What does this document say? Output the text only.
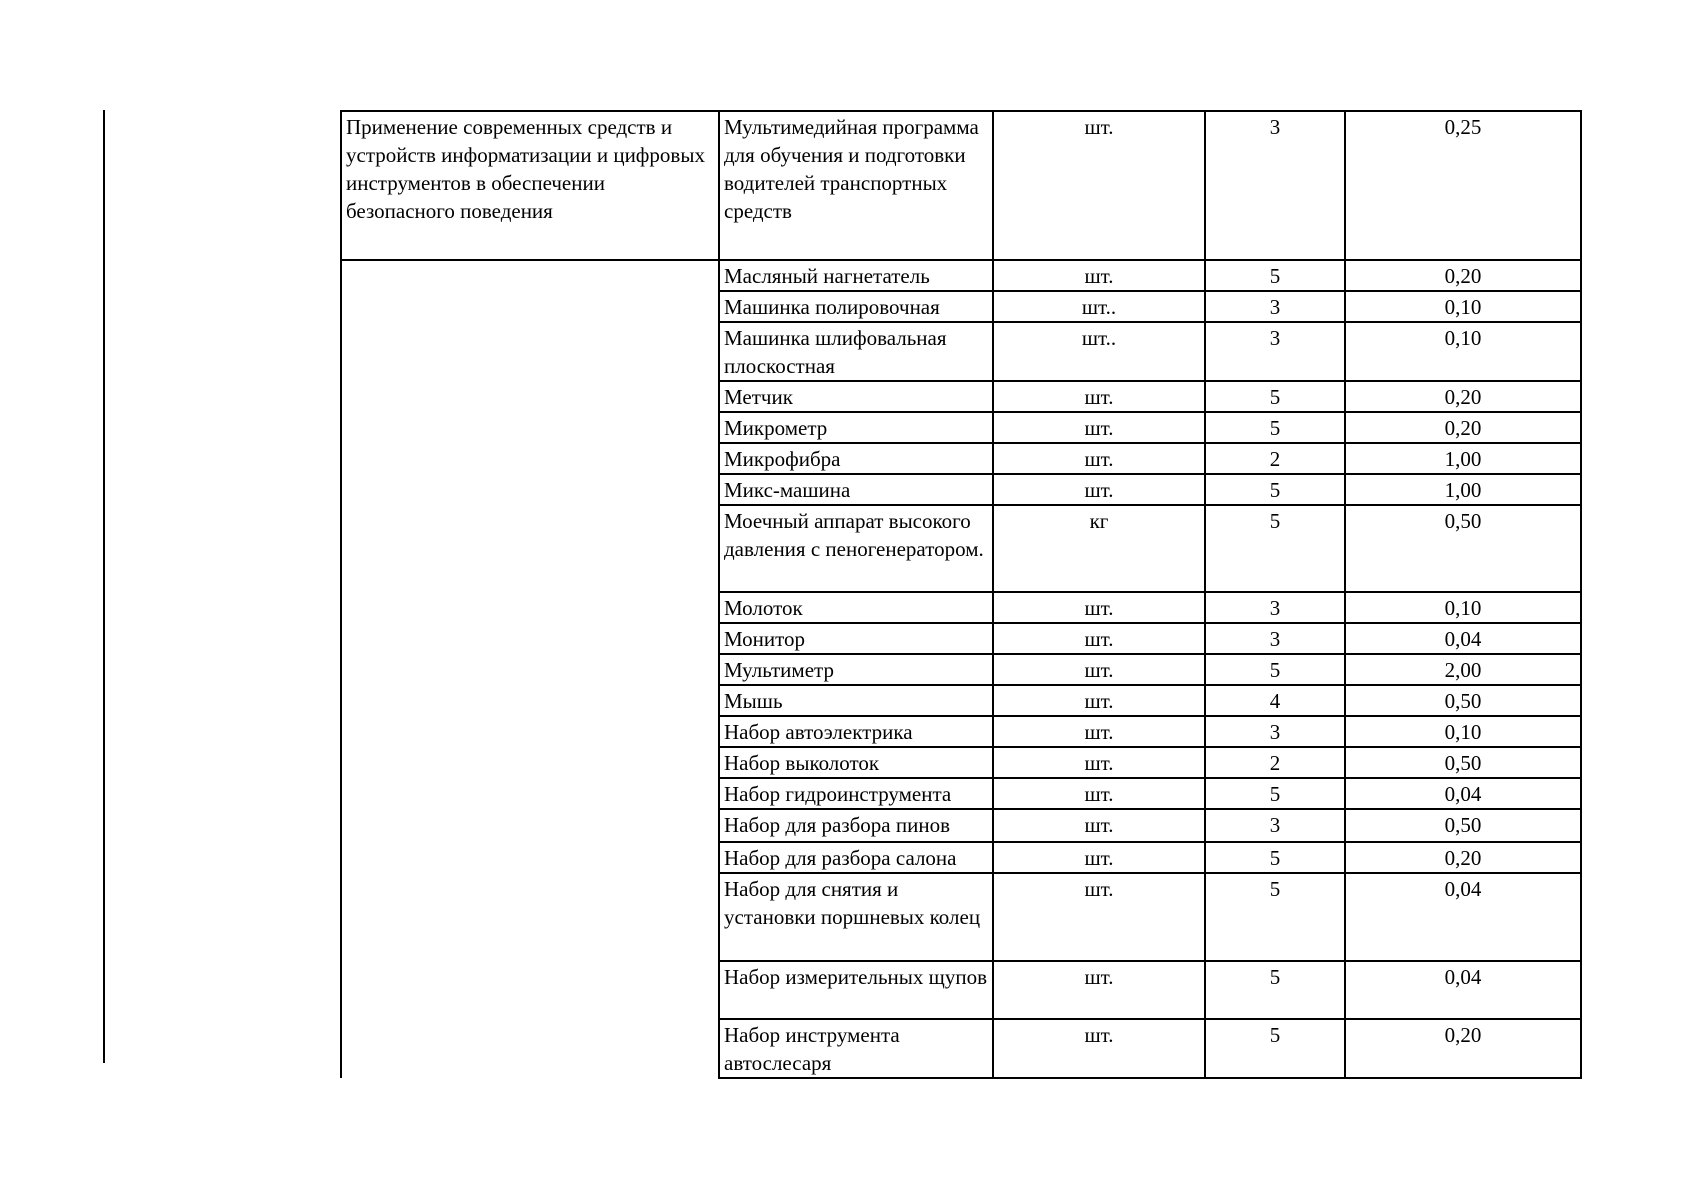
Применение современных средств и устройств информатизации и цифровых инструментов в обеспечении безопасного поведения	Мультимедийная программа для обучения и подготовки водителей транспортных средств	шт.	3	0,25
	Масляный нагнетатель	шт.	5	0,20
	Машинка полировочная	шт..	3	0,10
	Машинка шлифовальная плоскостная	шт..	3	0,10
	Метчик	шт.	5	0,20
	Микрометр	шт.	5	0,20
	Микрофибра	шт.	2	1,00
	Микс-машина	шт.	5	1,00
	Моечный аппарат высокого давления с пеногенератором.	кг	5	0,50
	Молоток	шт.	3	0,10
	Монитор	шт.	3	0,04
	Мультиметр	шт.	5	2,00
	Мышь	шт.	4	0,50
	Набор автоэлектрика	шт.	3	0,10
	Набор выколоток	шт.	2	0,50
	Набор гидроинструмента	шт.	5	0,04
	Набор для разбора пинов	шт.	3	0,50
	Набор для разбора салона	шт.	5	0,20
	Набор для снятия и установки поршневых колец	шт.	5	0,04
	Набор измерительных щупов	шт.	5	0,04
	Набор инструмента автослесаря	шт.	5	0,20
